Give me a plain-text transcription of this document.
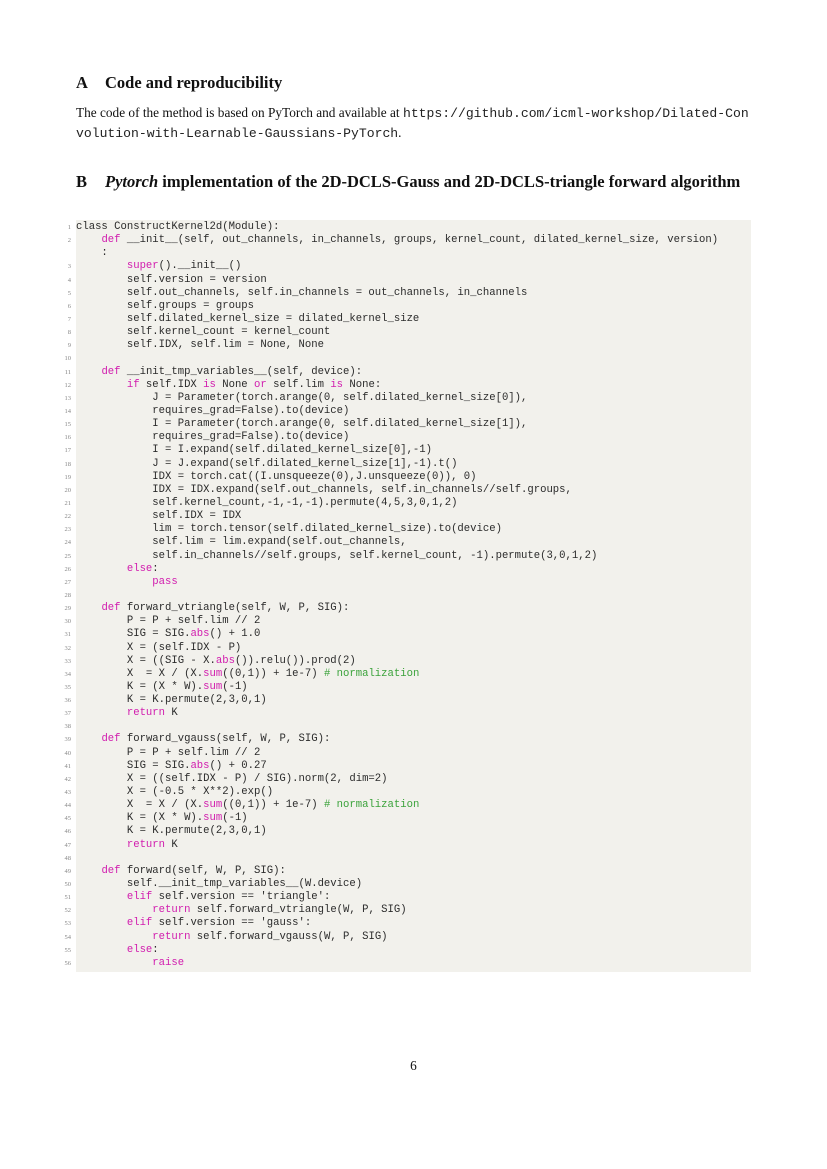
A Code and reproducibility

The code of the method is based on PyTorch and available at https://github.com/icml-workshop/Dilated-Convolution-with-Learnable-Gaussians-PyTorch.

B Pytorch implementation of the 2D-DCLS-Gauss and 2D-DCLS-triangle forward algorithm
1 class ConstructKernel2d(Module):
2	def __init__(self, out_channels, in_channels, groups, kernel_count, dilated_kernel_size, version)
:
3	super().__init__()
4 self.version = version
5 self.out_channels, self.in_channels = out_channels, in_channels
6 self.groups = groups
7 self.dilated_kernel_size = dilated_kernel_size
8 self.kernel_count = kernel_count
9 self.IDX, self.lim = None, None
10
11	def __init_tmp_variables__(self, device):
12	if self.IDX is None or self.lim is None:
13 J = Parameter(torch.arange(0, self.dilated_kernel_size[0]),
14 requires_grad=False).to(device)
15 I = Parameter(torch.arange(0, self.dilated_kernel_size[1]),
16 requires_grad=False).to(device)
17 I = I.expand(self.dilated_kernel_size[0],-1)
18 J = J.expand(self.dilated_kernel_size[1],-1).t()
19 IDX = torch.cat((I.unsqueeze(0),J.unsqueeze(0)), 0)
20 IDX = IDX.expand(self.out_channels, self.in_channels//self.groups,
21 self.kernel_count,-1,-1,-1).permute(4,5,3,0,1,2)
22 self.IDX = IDX
23 lim = torch.tensor(self.dilated_kernel_size).to(device)
24 self.lim = lim.expand(self.out_channels,
25 self.in_channels//self.groups, self.kernel_count, -1).permute(3,0,1,2)
26	else:
27	pass
28
29	def forward_vtriangle(self, W, P, SIG):
30 P = P + self.lim // 2
31 SIG = SIG.abs() + 1.0
32 X = (self.IDX - P)
33 X = ((SIG - X.abs()).relu()).prod(2)
34 X  = X / (X.sum((0,1)) + 1e-7) # normalization
35 K = (X * W).sum(-1)
36 K = K.permute(2,3,0,1)
37	return K
38
39	def forward_vgauss(self, W, P, SIG):
40 P = P + self.lim // 2
41 SIG = SIG.abs() + 0.27
42 X = ((self.IDX - P) / SIG).norm(2, dim=2)
43 X = (-0.5 * X**2).exp()
44 X  = X / (X.sum((0,1)) + 1e-7) # normalization
45 K = (X * W).sum(-1)
46 K = K.permute(2,3,0,1)
47	return K
48
49	def forward(self, W, P, SIG):
50 self.__init_tmp_variables__(W.device)
51	elif self.version == 'triangle':
52	return self.forward_vtriangle(W, P, SIG)
53	elif self.version == 'gauss':
54	return self.forward_vgauss(W, P, SIG)
55	else:
56	raise
6
